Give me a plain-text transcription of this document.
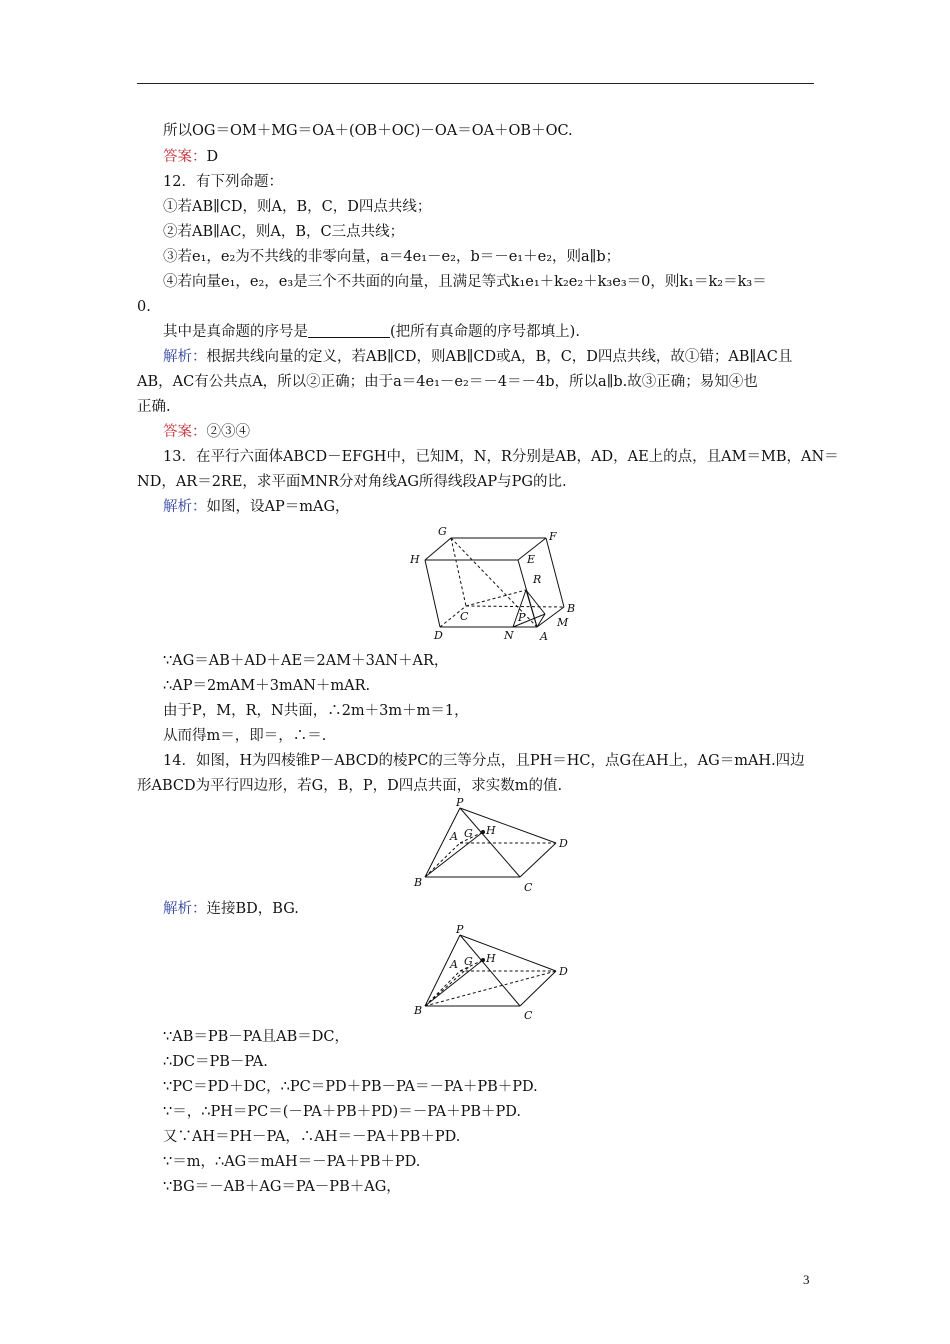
所以OG＝OM＋MG＝OA＋(OB＋OC)－OA＝OA＋OB＋OC.
答案：D
12．有下列命题：
①若AB∥CD，则A，B，C，D四点共线；
②若AB∥AC，则A，B，C三点共线；
③若e₁，e₂为不共线的非零向量，a＝4e₁－e₂，b＝－e₁＋e₂，则a∥b；
④若向量e₁，e₂，e₃是三个不共面的向量，且满足等式k₁e₁＋k₂e₂＋k₃e₃＝0，则k₁＝k₂＝k₃＝
0.
其中是真命题的序号是	(把所有真命题的序号都填上).
解析：根据共线向量的定义，若AB∥CD，则AB∥CD或A，B，C，D四点共线，故①错；AB∥AC且
AB，AC有公共点A，所以②正确；由于a＝4e₁－e₂＝－4＝－4b，所以a∥b.故③正确；易知④也
正确.
答案：②③④
13．在平行六面体ABCD－EFGH中，已知M，N，R分别是AB，AD，AE上的点，且AM＝MB，AN＝
ND，AR＝2RE，求平面MNR分对角线AG所得线段AP与PG的比.
解析：如图，设AP＝mAG，
G	F
H	E
R
B
C	P	M
D	N A
∵AG＝AB＋AD＋AE＝2AM＋3AN＋AR，
∴AP＝2mAM＋3mAN＋mAR.
由于P，M，R，N共面，∴2m＋3m＋m＝1，
从而得m＝，即＝，∴＝.
14．如图，H为四棱锥P－ABCD的棱PC的三等分点，且PH＝HC，点G在AH上，AG＝mAH.四边
形ABCD为平行四边形，若G，B，P，D四点共面，求实数m的值.
P
A G H
D
B	C
解析：连接BD，BG.
P
A G H
D
B	C
∵AB＝PB－PA且AB＝DC，
∴DC＝PB－PA.
∵PC＝PD＋DC，∴PC＝PD＋PB－PA＝－PA＋PB＋PD.
∵＝，∴PH＝PC＝(－PA＋PB＋PD)＝－PA＋PB＋PD.
又∵AH＝PH－PA，∴AH＝－PA＋PB＋PD.
∵＝m，∴AG＝mAH＝－PA＋PB＋PD.
∵BG＝－AB＋AG＝PA－PB＋AG，
3
